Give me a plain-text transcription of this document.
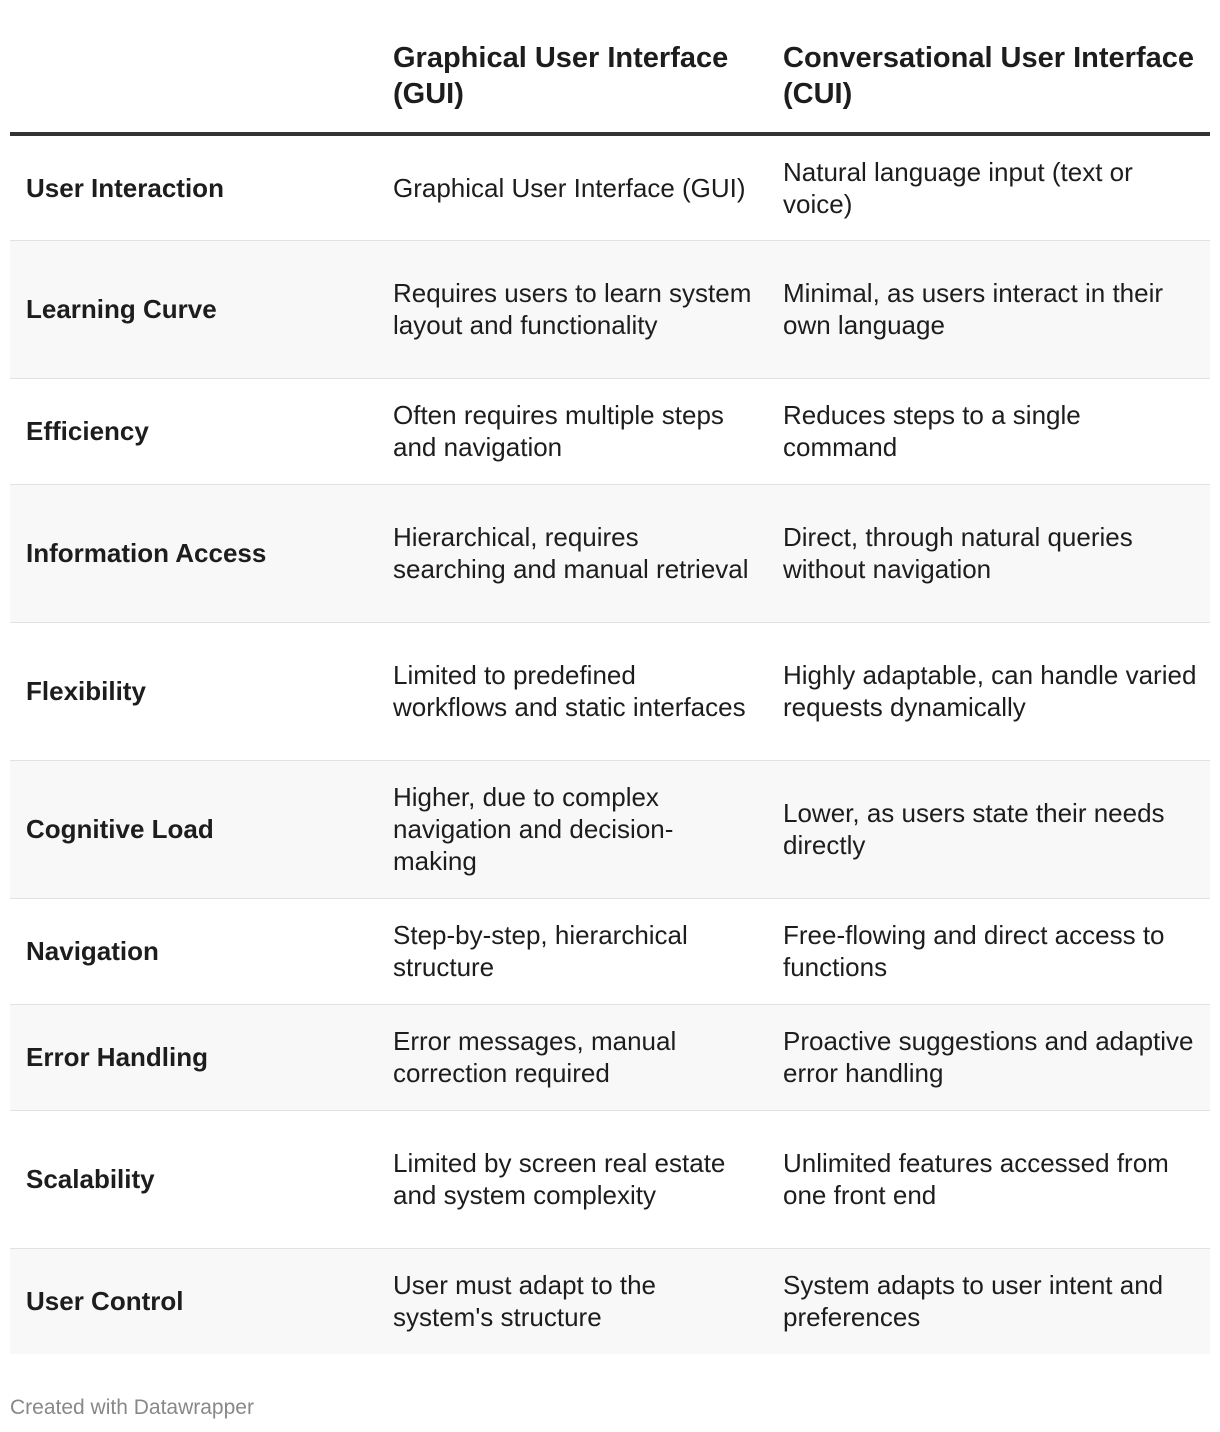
	Graphical User Interface (GUI)	Conversational User Interface (CUI)
User Interaction	Graphical User Interface (GUI)	Natural language input (text or voice)
Learning Curve	Requires users to learn system layout and functionality	Minimal, as users interact in their own language
Efficiency	Often requires multiple steps and navigation	Reduces steps to a single command
Information Access	Hierarchical, requires searching and manual retrieval	Direct, through natural queries without navigation
Flexibility	Limited to predefined workflows and static interfaces	Highly adaptable, can handle varied requests dynamically
Cognitive Load	Higher, due to complex navigation and decision-making	Lower, as users state their needs directly
Navigation	Step-by-step, hierarchical structure	Free-flowing and direct access to functions
Error Handling	Error messages, manual correction required	Proactive suggestions and adaptive error handling
Scalability	Limited by screen real estate and system complexity	Unlimited features accessed from one front end
User Control	User must adapt to the system's structure	System adapts to user intent and preferences
Created with Datawrapper
